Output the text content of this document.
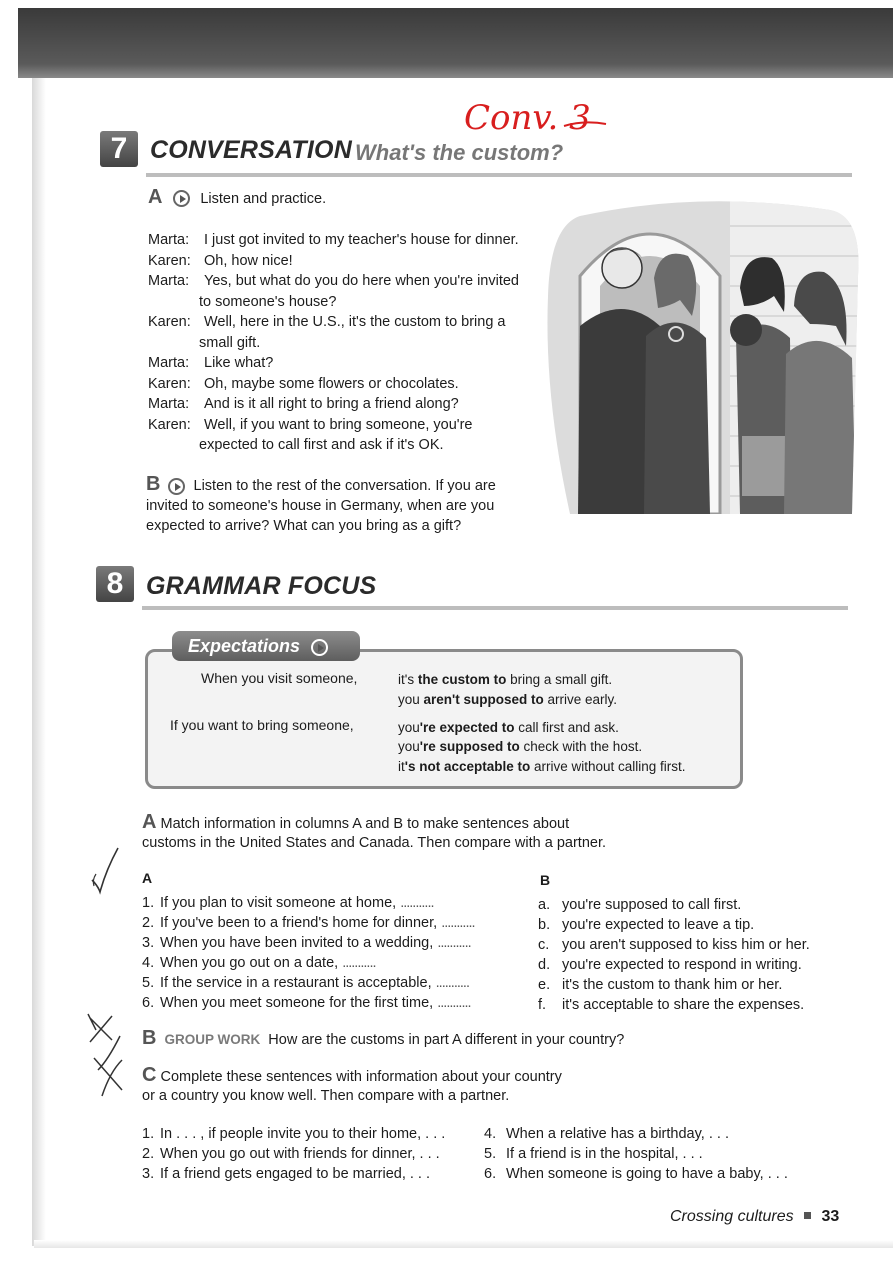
Conv. 3
7 CONVERSATION What's the custom?
A	Listen and practice.
Marta: I just got invited to my teacher's house for dinner.
Karen: Oh, how nice!
Marta: Yes, but what do you do here when you're invited
to someone's house?
Karen: Well, here in the U.S., it's the custom to bring a
small gift.
Marta: Like what?
Karen: Oh, maybe some flowers or chocolates.
Marta: And is it all right to bring a friend along?
Karen: Well, if you want to bring someone, you're
expected to call first and ask if it's OK.
B Listen to the rest of the conversation. If you are
invited to someone's house in Germany, when are you
expected to arrive? What can you bring as a gift?
8 GRAMMAR FOCUS
Expectations
When you visit someone,
If you want to bring someone,
it's the custom to bring a small gift.
you aren't supposed to arrive early.
you're expected to call first and ask.
you're supposed to check with the host.
it's not acceptable to arrive without calling first.
A Match information in columns A and B to make sentences about
customs in the United States and Canada. Then compare with a partner.
A	B
1. If you plan to visit someone at home, ...........
2. If you've been to a friend's home for dinner, ...........
3. When you have been invited to a wedding, ...........
4. When you go out on a date, ...........
5. If the service in a restaurant is acceptable, ...........
6. When you meet someone for the first time, ...........
a. you're supposed to call first.
b. you're expected to leave a tip.
c. you aren't supposed to kiss him or her.
d. you're expected to respond in writing.
e. it's the custom to thank him or her.
f. it's acceptable to share the expenses.
B GROUP WORK How are the customs in part A different in your country?
C Complete these sentences with information about your country
or a country you know well. Then compare with a partner.
1. In . . . , if people invite you to their home, . . .
2. When you go out with friends for dinner, . . .
3. If a friend gets engaged to be married, . . .
4. When a relative has a birthday, . . .
5. If a friend is in the hospital, . . .
6. When someone is going to have a baby, . . .
Crossing cultures 33
